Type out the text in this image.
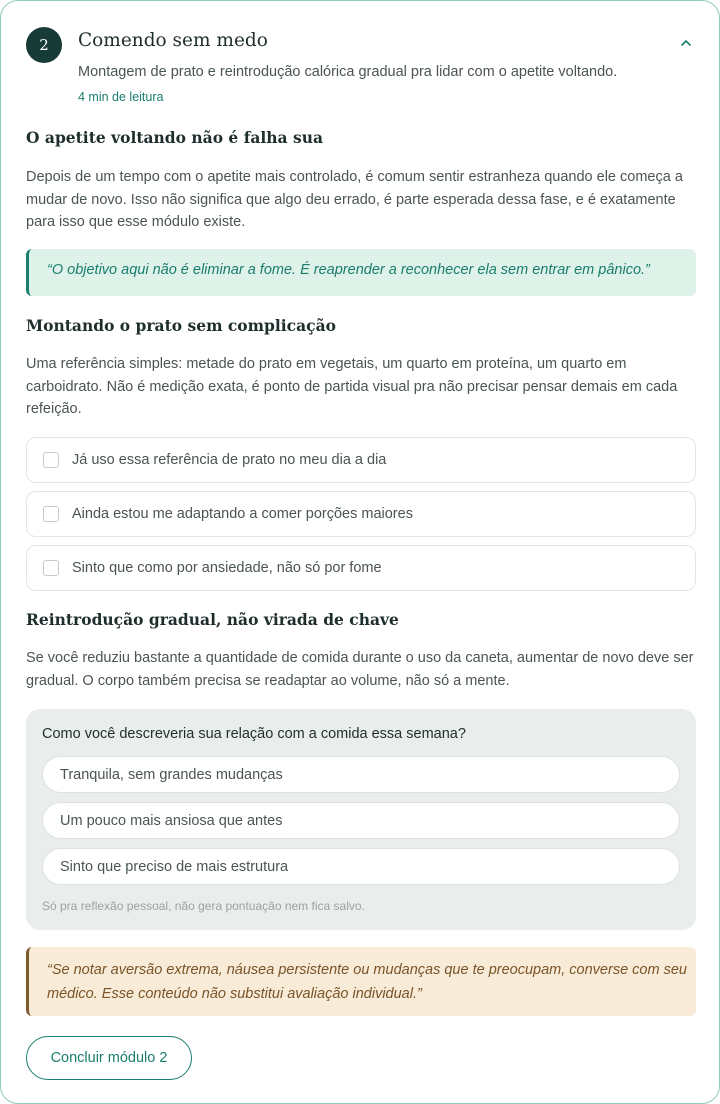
2	Comendo sem medo
Montagem de prato e reintrodução calórica gradual pra lidar com o apetite voltando.
4 min de leitura
O apetite voltando não é falha sua
Depois de um tempo com o apetite mais controlado, é comum sentir estranheza quando ele começa a mudar de novo. Isso não significa que algo deu errado, é parte esperada dessa fase, e é exatamente para isso que esse módulo existe.
“O objetivo aqui não é eliminar a fome. É reaprender a reconhecer ela sem entrar em pânico.”
Montando o prato sem complicação
Uma referência simples: metade do prato em vegetais, um quarto em proteína, um quarto em carboidrato. Não é medição exata, é ponto de partida visual pra não precisar pensar demais em cada refeição.
Já uso essa referência de prato no meu dia a dia
Ainda estou me adaptando a comer porções maiores
Sinto que como por ansiedade, não só por fome
Reintrodução gradual, não virada de chave
Se você reduziu bastante a quantidade de comida durante o uso da caneta, aumentar de novo deve ser gradual. O corpo também precisa se readaptar ao volume, não só a mente.
Como você descreveria sua relação com a comida essa semana?
Tranquila, sem grandes mudanças
Um pouco mais ansiosa que antes
Sinto que preciso de mais estrutura
Só pra reflexão pessoal, não gera pontuação nem fica salvo.
“Se notar aversão extrema, náusea persistente ou mudanças que te preocupam, converse com seu médico. Esse conteúdo não substitui avaliação individual.”
Concluir módulo 2
